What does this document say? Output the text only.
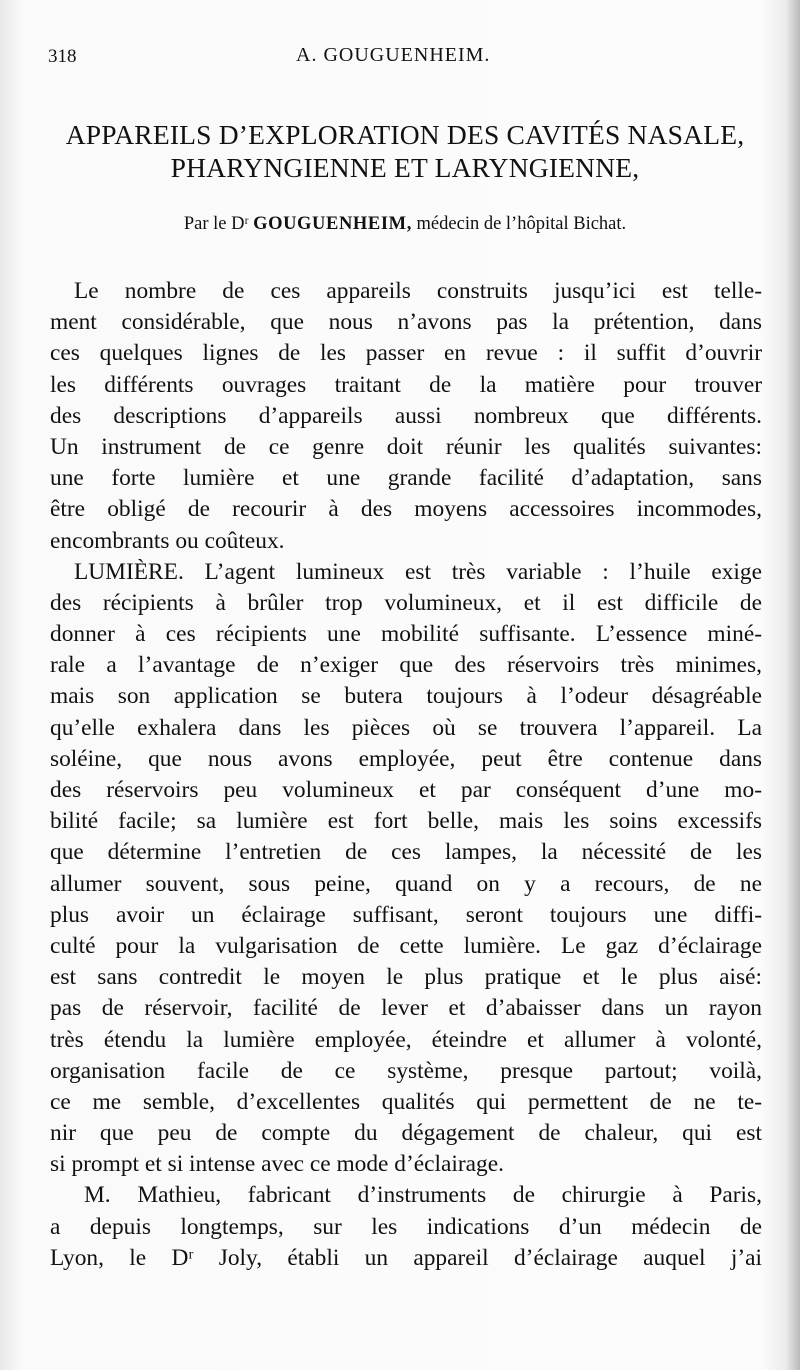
318	A. GOUGUENHEIM.
APPAREILS D’EXPLORATION DES CAVITÉS NASALE,
PHARYNGIENNE ET LARYNGIENNE,
Par le Dʳ GOUGUENHEIM, médecin de l’hôpital Bichat.
Le nombre de ces appareils construits jusqu’ici est telle-
ment considérable, que nous n’avons pas la prétention, dans
ces quelques lignes de les passer en revue : il suffit d’ouvrir
les différents ouvrages traitant de la matière pour trouver
des descriptions d’appareils aussi nombreux que différents.
Un instrument de ce genre doit réunir les qualités suivantes:
une forte lumière et une grande facilité d’adaptation, sans
être obligé de recourir à des moyens accessoires incommodes,
encombrants ou coûteux.
LUMIÈRE. L’agent lumineux est très variable : l’huile exige
des récipients à brûler trop volumineux, et il est difficile de
donner à ces récipients une mobilité suffisante. L’essence miné-
rale a l’avantage de n’exiger que des réservoirs très minimes,
mais son application se butera toujours à l’odeur désagréable
qu’elle exhalera dans les pièces où se trouvera l’appareil. La
soléine, que nous avons employée, peut être contenue dans
des réservoirs peu volumineux et par conséquent d’une mo-
bilité facile; sa lumière est fort belle, mais les soins excessifs
que détermine l’entretien de ces lampes, la nécessité de les
allumer souvent, sous peine, quand on y a recours, de ne
plus avoir un éclairage suffisant, seront toujours une diffi-
culté pour la vulgarisation de cette lumière. Le gaz d’éclairage
est sans contredit le moyen le plus pratique et le plus aisé:
pas de réservoir, facilité de lever et d’abaisser dans un rayon
très étendu la lumière employée, éteindre et allumer à volonté,
organisation facile de ce système, presque partout; voilà,
ce me semble, d’excellentes qualités qui permettent de ne te-
nir que peu de compte du dégagement de chaleur, qui est
si prompt et si intense avec ce mode d’éclairage.
M. Mathieu, fabricant d’instruments de chirurgie à Paris,
a depuis longtemps, sur les indications d’un médecin de
Lyon, le Dʳ Joly, établi un appareil d’éclairage auquel j’ai
